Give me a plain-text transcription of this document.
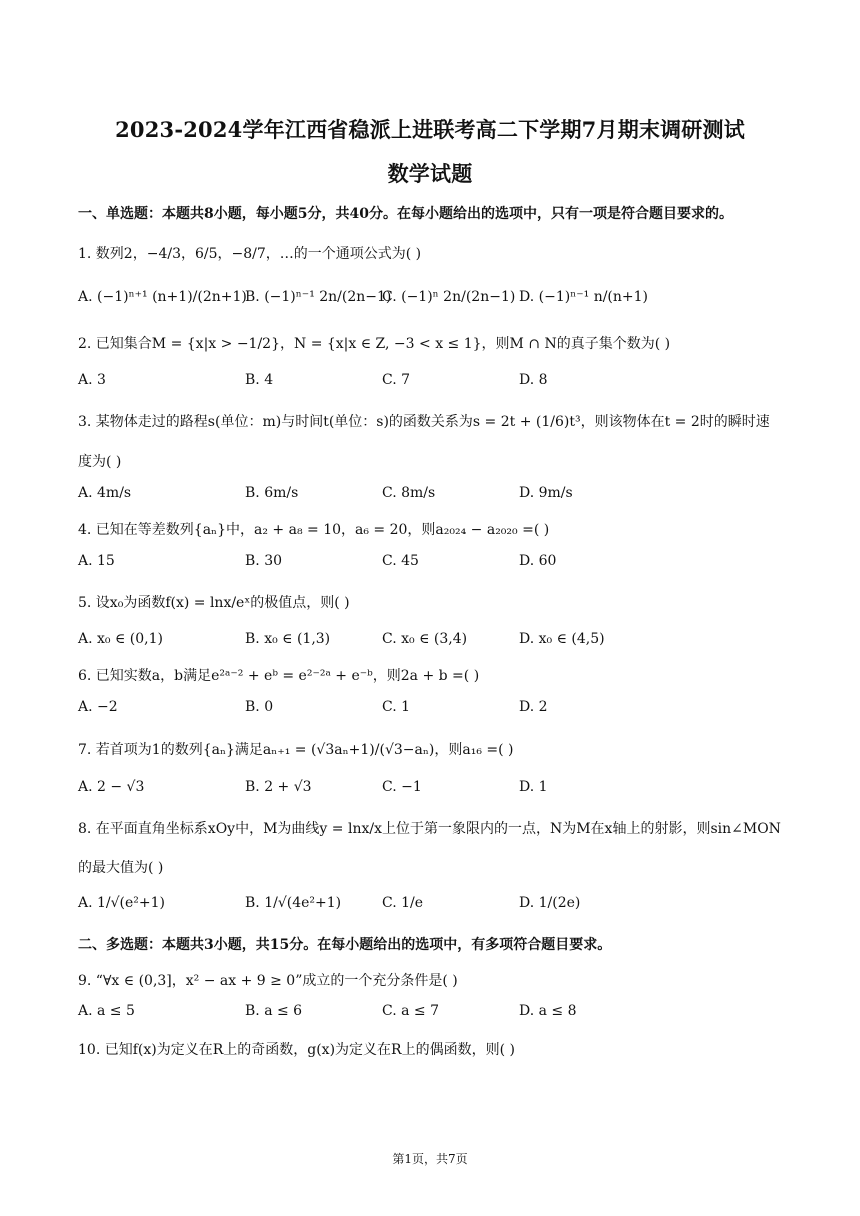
2023-2024学年江西省稳派上进联考高二下学期7月期末调研测试
数学试题
一、单选题：本题共8小题，每小题5分，共40分。在每小题给出的选项中，只有一项是符合题目要求的。
1. 数列2，−4/3，6/5，−8/7，…的一个通项公式为( )
A. (−1)ⁿ⁺¹ (n+1)/(2n+1)
B. (−1)ⁿ⁻¹ 2n/(2n−1)
C. (−1)ⁿ 2n/(2n−1) D. (−1)ⁿ⁻¹ n/(n+1)
2. 已知集合M = {x|x > −1/2}，N = {x|x ∈ Z, −3 < x ≤ 1}，则M ∩ N的真子集个数为( )
A. 3	B. 4	C. 7	D. 8
3. 某物体走过的路程s(单位：m)与时间t(单位：s)的函数关系为s = 2t + (1/6)t³，则该物体在t = 2时的瞬时速
度为( )
A. 4m/s	B. 6m/s	C. 8m/s	D. 9m/s
4. 已知在等差数列{aₙ}中，a₂ + a₈ = 10，a₆ = 20，则a₂₀₂₄ − a₂₀₂₀ =( )
A. 15	B. 30	C. 45	D. 60
5. 设x₀为函数f(x) = lnx/eˣ的极值点，则( )
A. x₀ ∈ (0,1)	B. x₀ ∈ (1,3)	C. x₀ ∈ (3,4)	D. x₀ ∈ (4,5)
6. 已知实数a，b满足e²ᵃ⁻² + eᵇ = e²⁻²ᵃ + e⁻ᵇ，则2a + b =( )
A. −2	B. 0	C. 1	D. 2
7. 若首项为1的数列{aₙ}满足aₙ₊₁ = (√3aₙ+1)/(√3−aₙ)，则a₁₆ =( )
A. 2 − √3	B. 2 + √3	C. −1	D. 1
8. 在平面直角坐标系xOy中，M为曲线y = lnx/x上位于第一象限内的一点，N为M在x轴上的射影，则sin∠MON
的最大值为( )
A. 1/√(e²+1)	B. 1/√(4e²+1)	C. 1/e	D. 1/(2e)
二、多选题：本题共3小题，共15分。在每小题给出的选项中，有多项符合题目要求。
9. “∀x ∈ (0,3]，x² − ax + 9 ≥ 0”成立的一个充分条件是( )
A. a ≤ 5	B. a ≤ 6	C. a ≤ 7	D. a ≤ 8
10. 已知f(x)为定义在R上的奇函数，g(x)为定义在R上的偶函数，则( )
第1页，共7页
